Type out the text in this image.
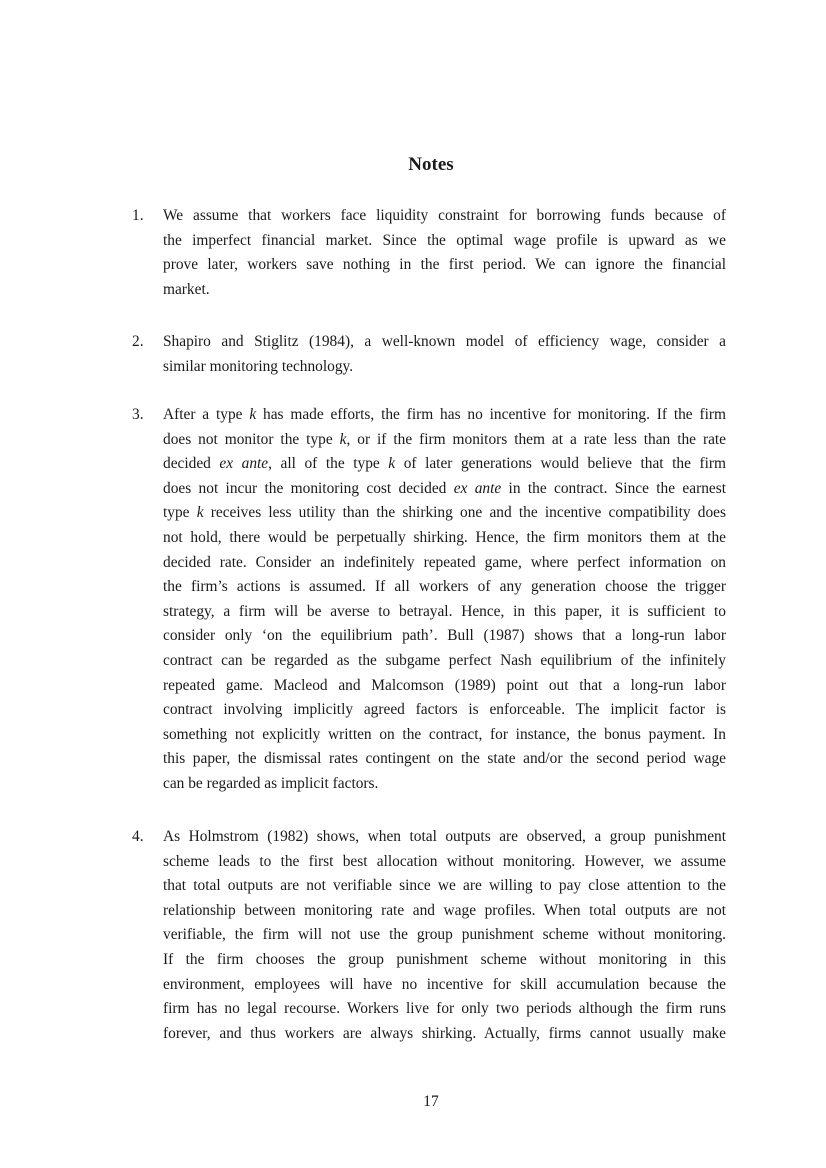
Notes
1. We assume that workers face liquidity constraint for borrowing funds because of
the imperfect financial market. Since the optimal wage profile is upward as we
prove later, workers save nothing in the first period. We can ignore the financial
market.
2. Shapiro and Stiglitz (1984), a well-known model of efficiency wage, consider a
similar monitoring technology.
3. After a type k has made efforts, the firm has no incentive for monitoring. If the firm
does not monitor the type k, or if the firm monitors them at a rate less than the rate
decided ex ante, all of the type k of later generations would believe that the firm
does not incur the monitoring cost decided ex ante in the contract. Since the earnest
type k receives less utility than the shirking one and the incentive compatibility does
not hold, there would be perpetually shirking. Hence, the firm monitors them at the
decided rate. Consider an indefinitely repeated game, where perfect information on
the firm’s actions is assumed. If all workers of any generation choose the trigger
strategy, a firm will be averse to betrayal. Hence, in this paper, it is sufficient to
consider only ‘on the equilibrium path’. Bull (1987) shows that a long-run labor
contract can be regarded as the subgame perfect Nash equilibrium of the infinitely
repeated game. Macleod and Malcomson (1989) point out that a long-run labor
contract involving implicitly agreed factors is enforceable. The implicit factor is
something not explicitly written on the contract, for instance, the bonus payment. In
this paper, the dismissal rates contingent on the state and/or the second period wage
can be regarded as implicit factors.
4. As Holmstrom (1982) shows, when total outputs are observed, a group punishment
scheme leads to the first best allocation without monitoring. However, we assume
that total outputs are not verifiable since we are willing to pay close attention to the
relationship between monitoring rate and wage profiles. When total outputs are not
verifiable, the firm will not use the group punishment scheme without monitoring.
If the firm chooses the group punishment scheme without monitoring in this
environment, employees will have no incentive for skill accumulation because the
firm has no legal recourse. Workers live for only two periods although the firm runs
forever, and thus workers are always shirking. Actually, firms cannot usually make
17
